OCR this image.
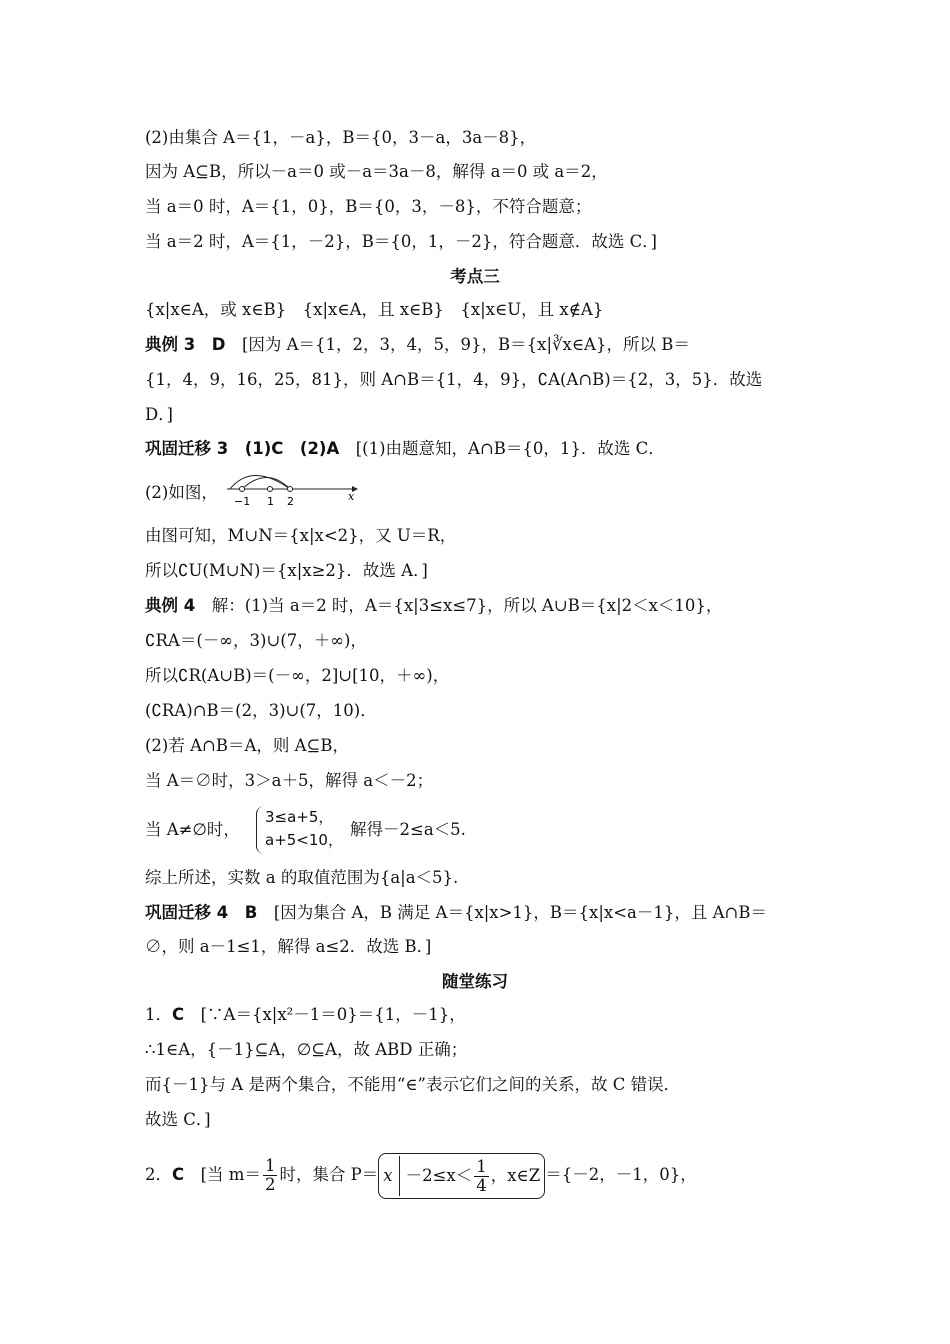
(2)由集合 A＝{1，－a}，B＝{0，3－a，3a－8}，
因为 A⊆B，所以－a＝0 或－a＝3a－8，解得 a＝0 或 a＝2，
当 a＝0 时，A＝{1，0}，B＝{0，3，－8}，不符合题意；
当 a＝2 时，A＝{1，－2}，B＝{0，1，－2}，符合题意．故选 C．]
考点三
{x|x∈A，或 x∈B}　{x|x∈A，且 x∈B}　{x|x∈U，且 x∉A}
典例 3　D　[因为 A＝{1，2，3，4，5，9}，B＝{x|∛x∈A}，所以 B＝
{1，4，9，16，25，81}，则 A∩B＝{1，4，9}，∁A(A∩B)＝{2，3，5}．故选
D．]
巩固迁移 3　(1)C　(2)A　[(1)由题意知，A∩B＝{0，1}．故选 C．
(2)如图，	−1 1 2	x
由图可知，M∪N＝{x|x<2}，又 U＝R，
所以∁U(M∪N)＝{x|x≥2}．故选 A．]
典例 4　解：(1)当 a＝2 时，A＝{x|3≤x≤7}，所以 A∪B＝{x|2＜x＜10}，
∁RA＝(－∞，3)∪(7，＋∞)，
所以∁R(A∪B)＝(－∞，2]∪[10，＋∞)，
(∁RA)∩B＝(2，3)∪(7，10)．
(2)若 A∩B＝A，则 A⊆B，
当 A＝∅时，3＞a＋5，解得 a＜－2；
当 A≠∅时，
3≤a+5，
a+5<10，
解得－2≤a＜5.
综上所述，实数 a 的取值范围为{a|a＜5}.
巩固迁移 4　B　[因为集合 A，B 满足 A＝{x|x>1}，B＝{x|x<a－1}，且 A∩B＝
∅，则 a－1≤1，解得 a≤2．故选 B．]
随堂练习
1．C　[∵A＝{x|x²－1＝0}＝{1，－1}，
∴1∈A，{－1}⊆A，∅⊆A，故 ABD 正确；
而{－1}与 A 是两个集合，不能用“∈”表示它们之间的关系，故 C 错误．
故选 C．]
2．C　[当 $m= \frac{1}{2}$ 时，集合 $P= x -2\le x< \frac{1}{4}$ ，x∈Z ＝{－2，－1，0}，
